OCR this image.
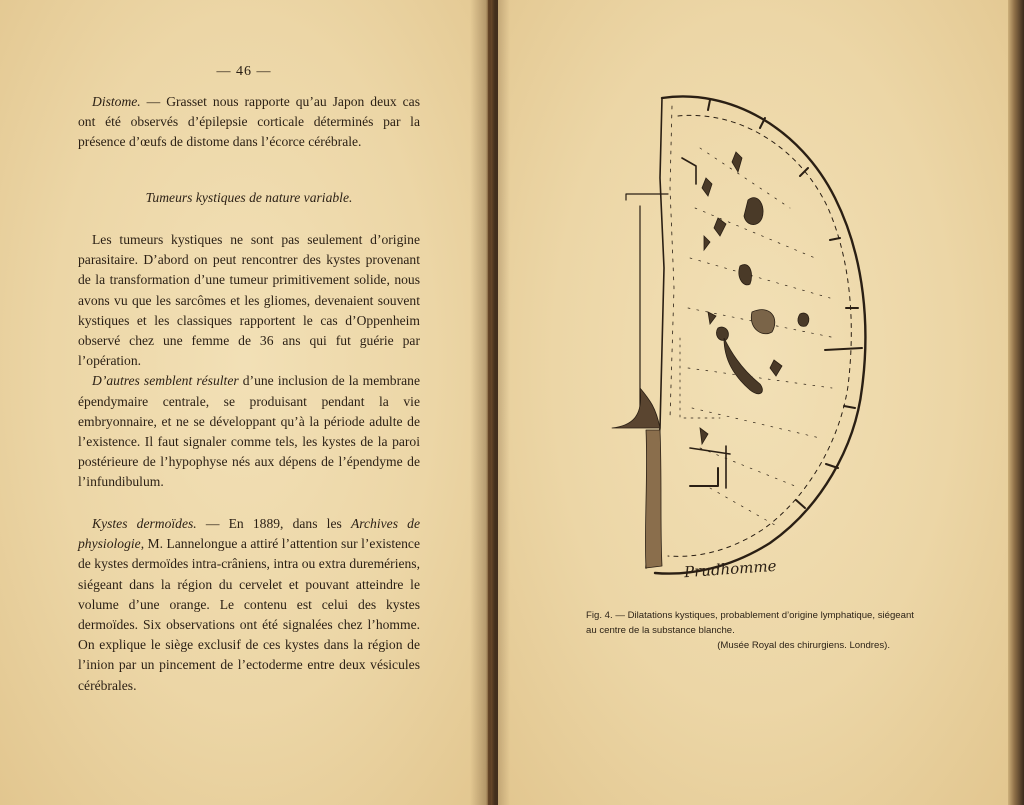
— 46 —

Distome. — Grasset nous rapporte qu’au Japon deux cas ont été observés d’épilepsie corticale déterminés par la présence d’œufs de distome dans l’écorce cérébrale.

Tumeurs kystiques de nature variable.

Les tumeurs kystiques ne sont pas seulement d’origine parasitaire. D’abord on peut rencontrer des kystes provenant de la transformation d’une tumeur primitivement solide, nous avons vu que les sarcômes et les gliomes, devenaient souvent kystiques et les classiques rapportent le cas d’Oppenheim observé chez une femme de 36 ans qui fut guérie par l’opération.

D’autres semblent résulter d’une inclusion de la membrane épendymaire centrale, se produisant pendant la vie embryonnaire, et ne se développant qu’à la période adulte de l’existence. Il faut signaler comme tels, les kystes de la paroi postérieure de l’hypophyse nés aux dépens de l’épendyme de l’infundibulum.

Kystes dermoïdes. — En 1889, dans les Archives de physiologie, M. Lannelongue a attiré l’attention sur l’existence de kystes dermoïdes intra-crâniens, intra ou extra duremériens, siégeant dans la région du cervelet et pouvant atteindre le volume d’une orange. Le contenu est celui des kystes dermoïdes. Six observations ont été signalées chez l’homme. On explique le siège exclusif de ces kystes dans la région de l’inion par un pincement de l’ectoderme entre deux vésicules cérébrales.

Prudhomme

Fig. 4. — Dilatations kystiques, probablement d’origine lymphatique, siégeant au centre de la substance blanche.

(Musée Royal des chirurgiens. Londres).
